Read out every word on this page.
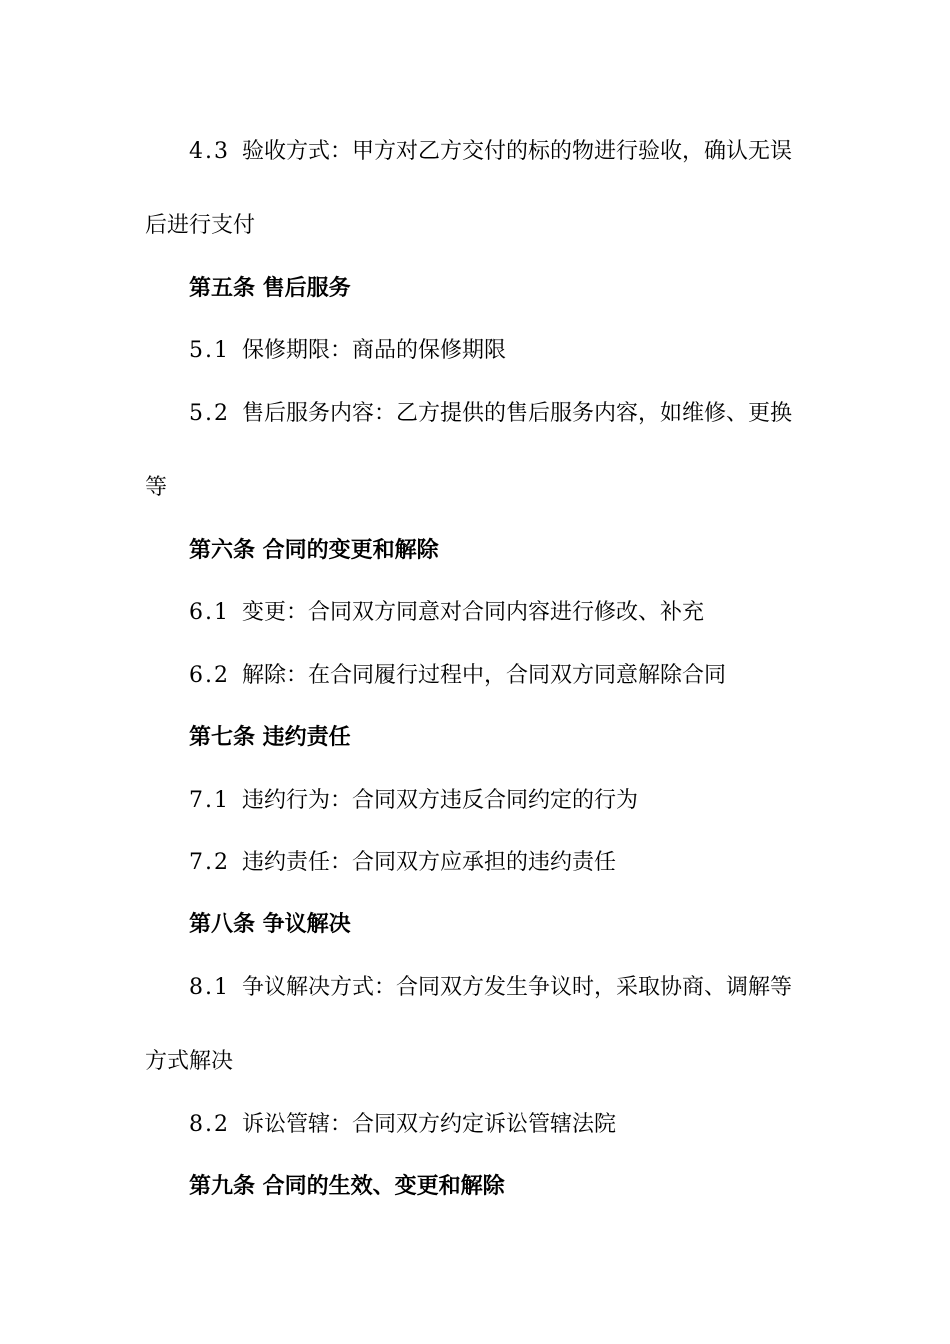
4.3 验收方式：甲方对乙方交付的标的物进行验收，确认无误

后进行支付

第五条 售后服务

5.1 保修期限：商品的保修期限

5.2 售后服务内容：乙方提供的售后服务内容，如维修、更换

等

第六条 合同的变更和解除

6.1 变更：合同双方同意对合同内容进行修改、补充

6.2 解除：在合同履行过程中，合同双方同意解除合同

第七条 违约责任

7.1 违约行为：合同双方违反合同约定的行为

7.2 违约责任：合同双方应承担的违约责任

第八条 争议解决

8.1 争议解决方式：合同双方发生争议时，采取协商、调解等

方式解决

8.2 诉讼管辖：合同双方约定诉讼管辖法院

第九条 合同的生效、变更和解除
